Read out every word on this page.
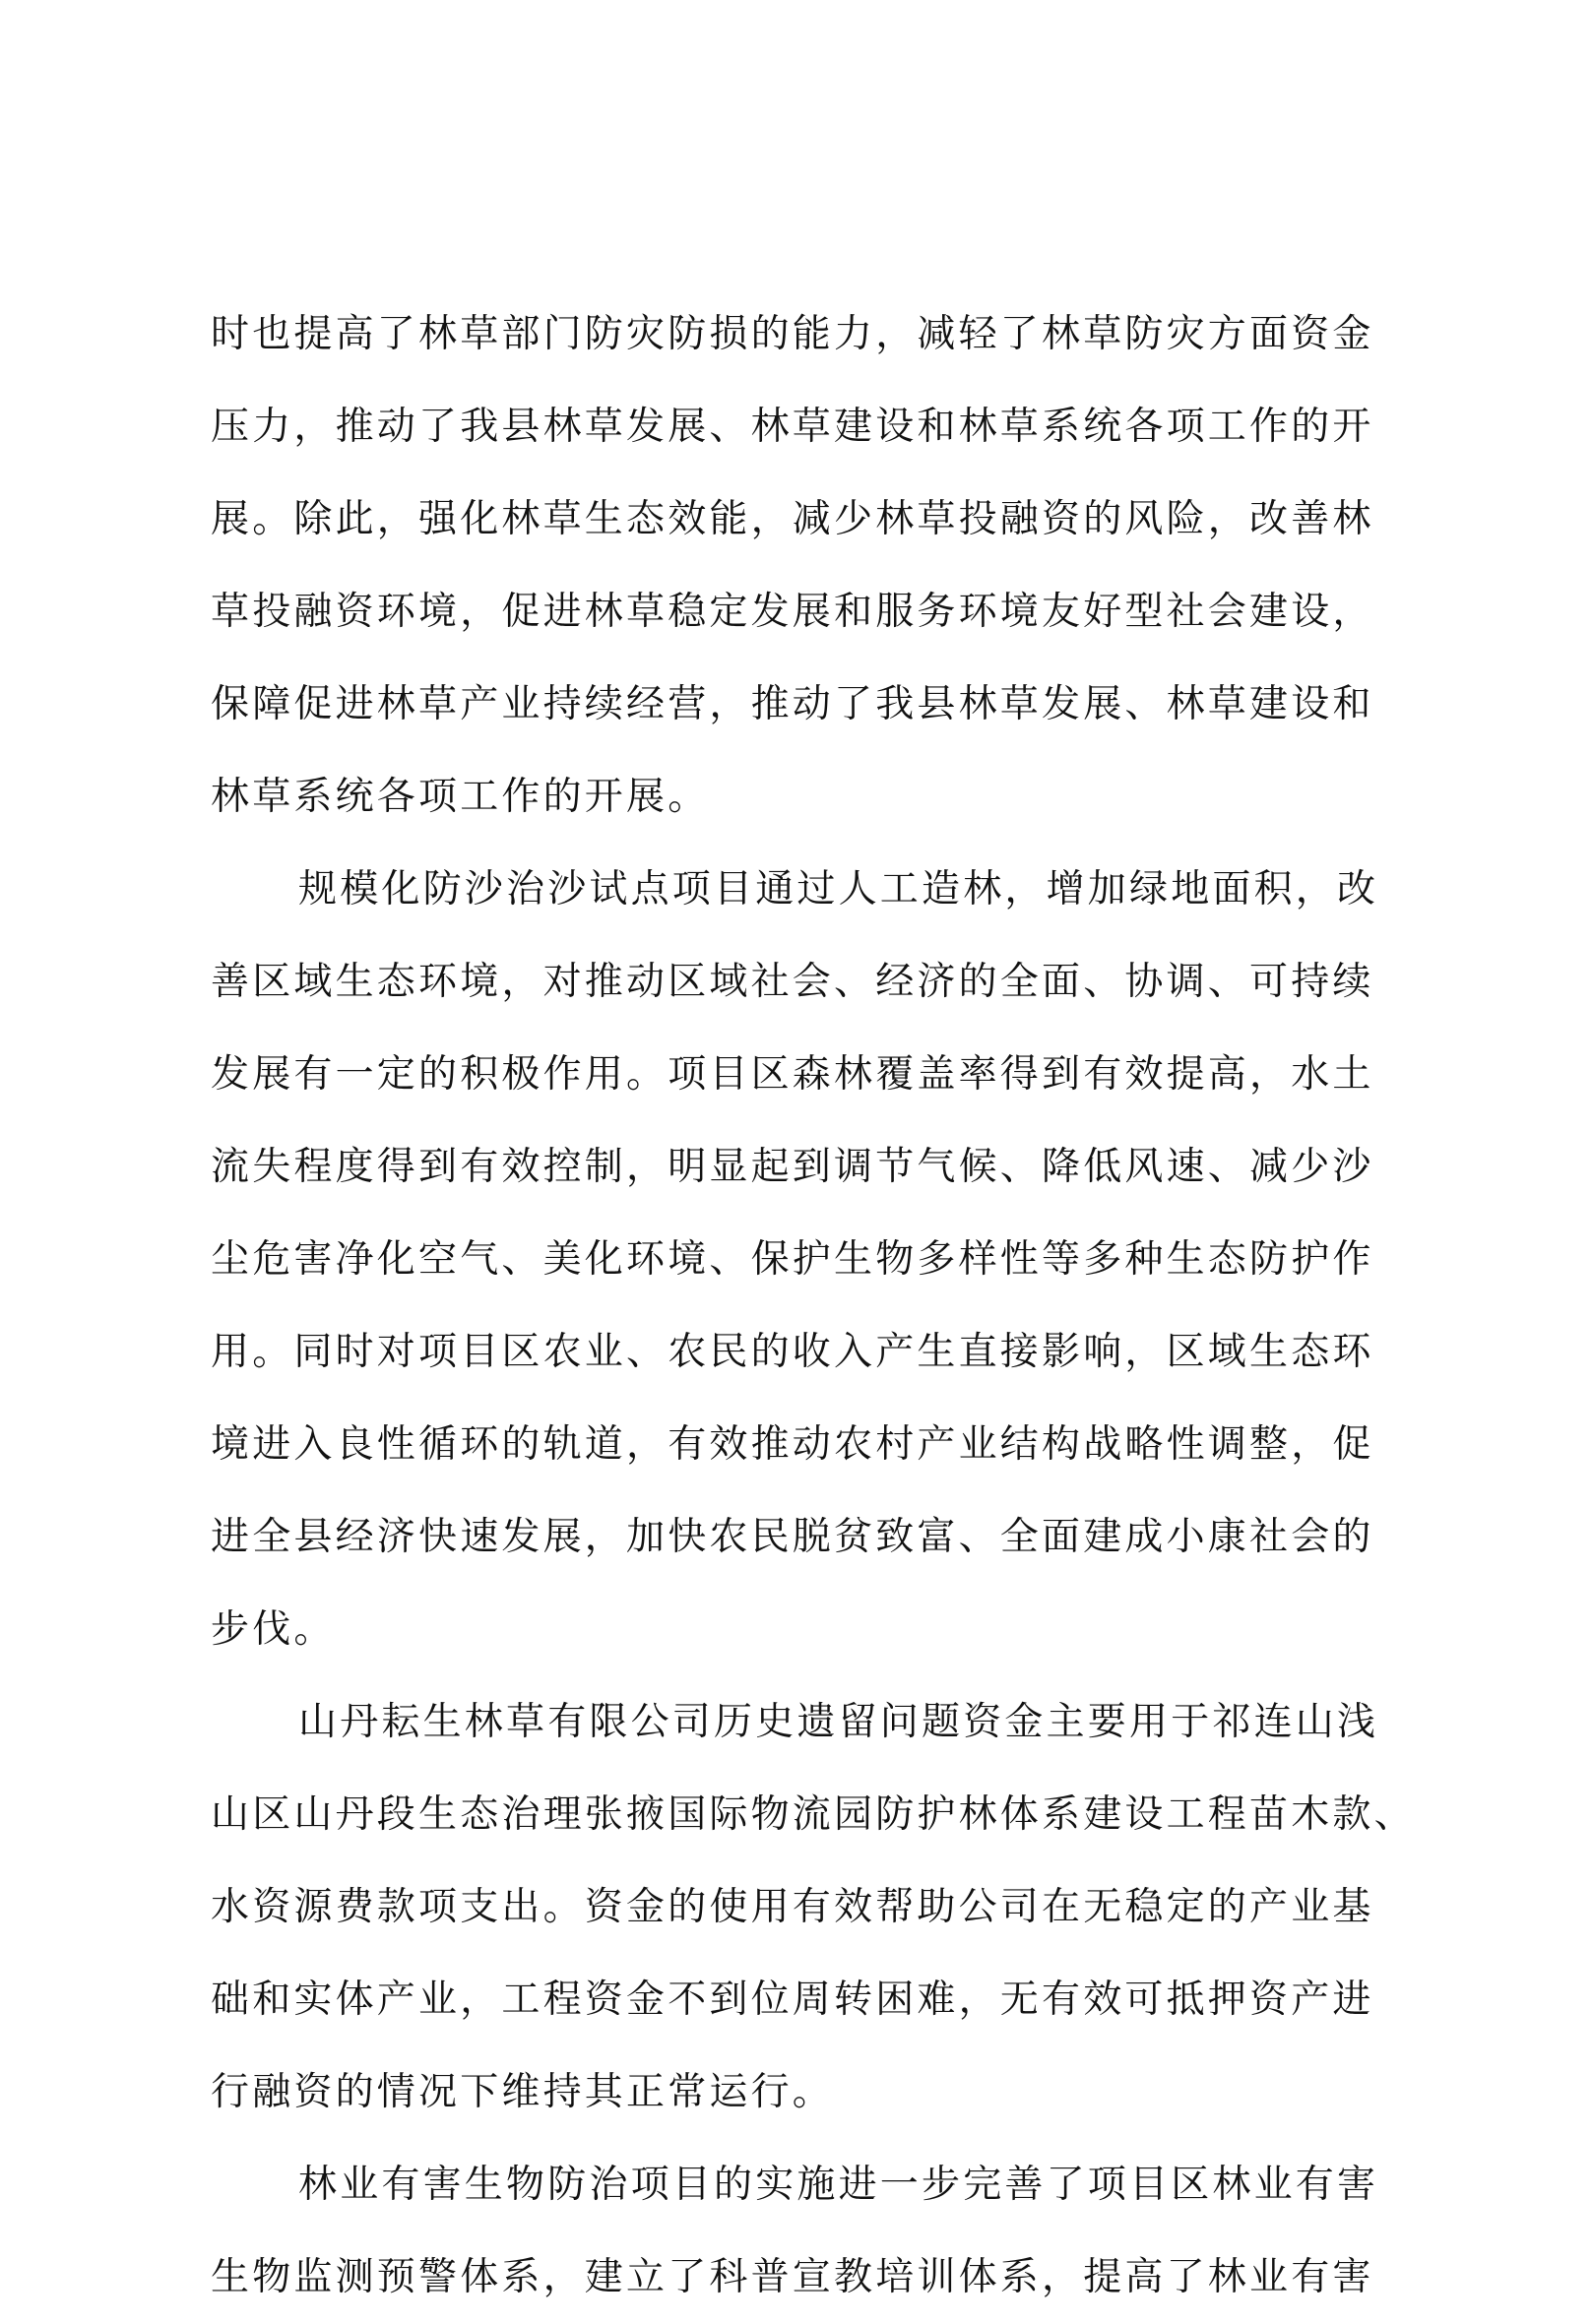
时也提高了林草部门防灾防损的能力，减轻了林草防灾方面资金
压力，推动了我县林草发展、林草建设和林草系统各项工作的开
展。除此，强化林草生态效能，减少林草投融资的风险，改善林
草投融资环境，促进林草稳定发展和服务环境友好型社会建设，
保障促进林草产业持续经营，推动了我县林草发展、林草建设和
林草系统各项工作的开展。
规模化防沙治沙试点项目通过人工造林，增加绿地面积，改
善区域生态环境，对推动区域社会、经济的全面、协调、可持续
发展有一定的积极作用。项目区森林覆盖率得到有效提高，水土
流失程度得到有效控制，明显起到调节气候、降低风速、减少沙
尘危害净化空气、美化环境、保护生物多样性等多种生态防护作
用。同时对项目区农业、农民的收入产生直接影响，区域生态环
境进入良性循环的轨道，有效推动农村产业结构战略性调整，促
进全县经济快速发展，加快农民脱贫致富、全面建成小康社会的
步伐。
山丹耘生林草有限公司历史遗留问题资金主要用于祁连山浅
山区山丹段生态治理张掖国际物流园防护林体系建设工程苗木款、
水资源费款项支出。资金的使用有效帮助公司在无稳定的产业基
础和实体产业，工程资金不到位周转困难，无有效可抵押资产进
行融资的情况下维持其正常运行。
林业有害生物防治项目的实施进一步完善了项目区林业有害
生物监测预警体系，建立了科普宣教培训体系，提高了林业有害
